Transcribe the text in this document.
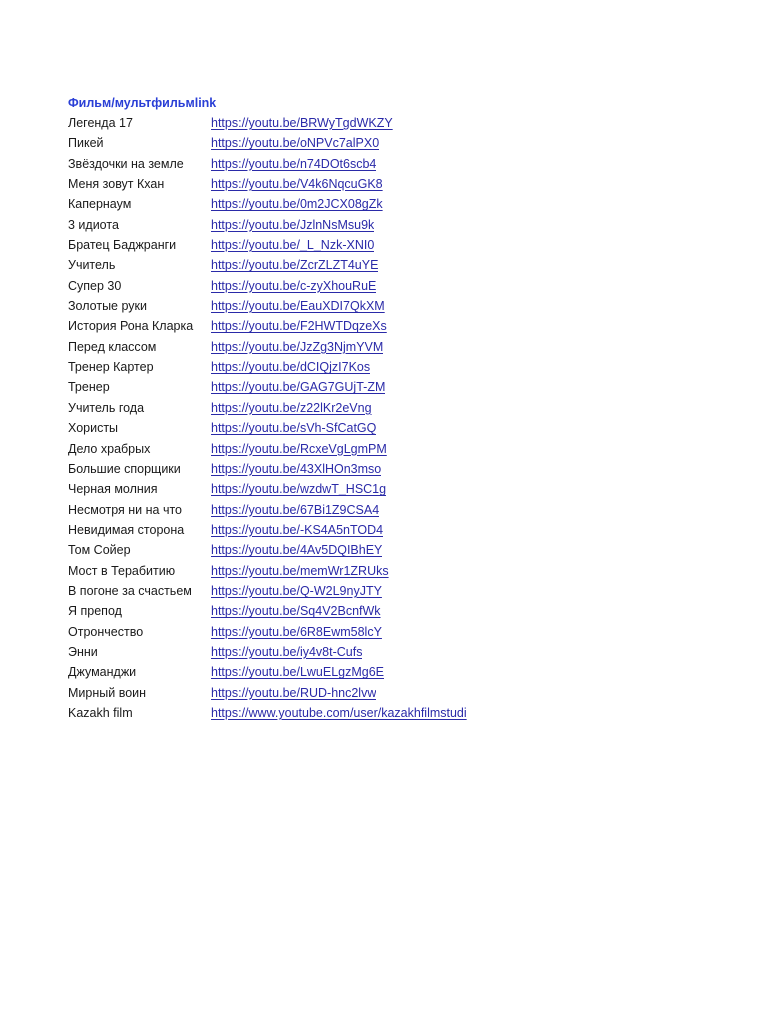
Фильм/мультфильмlink
Легенда 17	https://youtu.be/BRWyTgdWKZY
Пикей	https://youtu.be/oNPVc7alPX0
Звёздочки на земле	https://youtu.be/n74DOt6scb4
Меня зовут Кхан	https://youtu.be/V4k6NqcuGK8
Капернаум	https://youtu.be/0m2JCX08gZk
3 идиота	https://youtu.be/JzlnNsMsu9k
Братец Баджранги	https://youtu.be/_L_Nzk-XNI0
Учитель	https://youtu.be/ZcrZLZT4uYE
Супер 30	https://youtu.be/c-zyXhouRuE
Золотые руки	https://youtu.be/EauXDI7QkXM
История Рона Кларка	https://youtu.be/F2HWTDqzeXs
Перед классом	https://youtu.be/JzZg3NjmYVM
Тренер Картер	https://youtu.be/dCIQjzI7Kos
Тренер	https://youtu.be/GAG7GUjT-ZM
Учитель года	https://youtu.be/z22lKr2eVng
Хористы	https://youtu.be/sVh-SfCatGQ
Дело храбрых	https://youtu.be/RcxeVgLgmPM
Большие спорщики	https://youtu.be/43XlHOn3mso
Черная молния	https://youtu.be/wzdwT_HSC1g
Несмотря ни на что	https://youtu.be/67Bi1Z9CSA4
Невидимая сторона	https://youtu.be/-KS4A5nTOD4
Том Сойер	https://youtu.be/4Av5DQIBhEY
Мост в Терабитию	https://youtu.be/memWr1ZRUks
В погоне за счастьем	https://youtu.be/Q-W2L9nyJTY
Я препод	https://youtu.be/Sq4V2BcnfWk
Отрончество	https://youtu.be/6R8Ewm58lcY
Энни	https://youtu.be/iy4v8t-Cufs
Джуманджи	https://youtu.be/LwuELgzMg6E
Мирный воин	https://youtu.be/RUD-hnc2lvw
Kazakh film	https://www.youtube.com/user/kazakhfilmstudi
